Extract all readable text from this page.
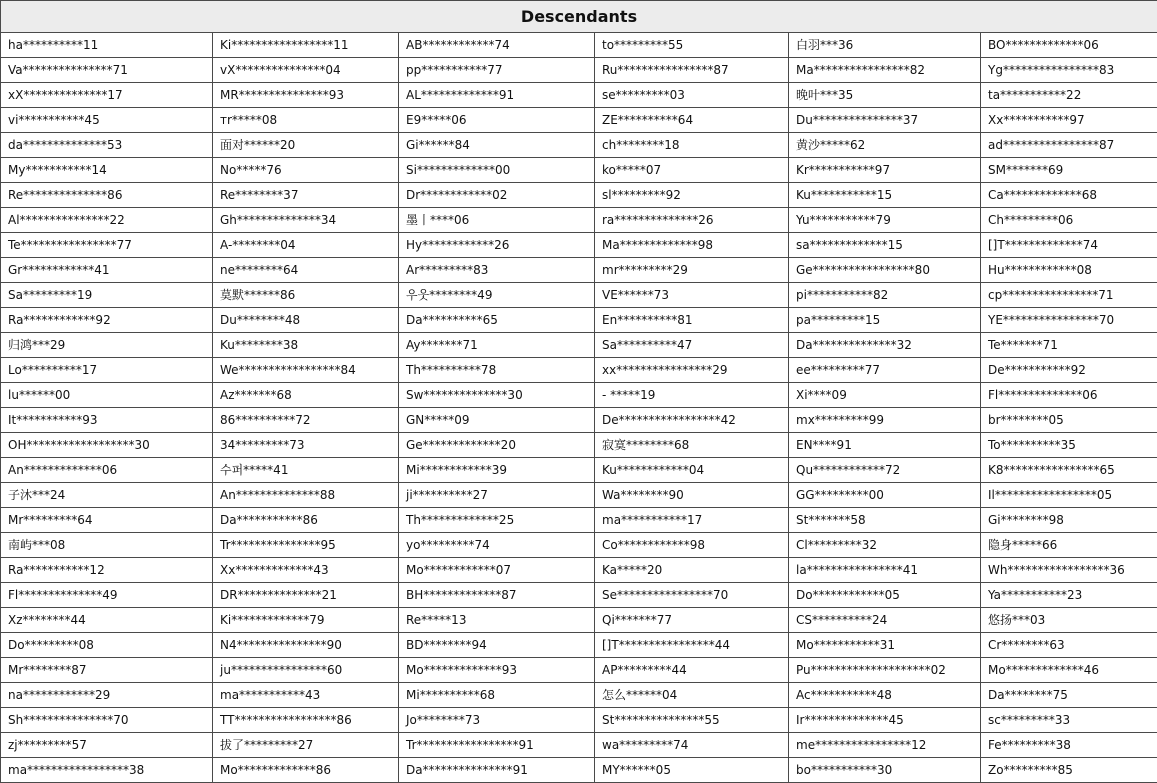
Descendants					
ha**********11	Ki*****************11	AB************74	to*********55	白羽***36	BO*************06
Va***************71	vX***************04	pp***********77	Ru****************87	Ma****************82	Yg****************83
xX**************17	MR***************93	AL*************91	se*********03	晚叶***35	ta***********22
vi***********45	тr*****08	E9*****06	ZE**********64	Du***************37	Xx***********97
da**************53	面对******20	Gi******84	ch********18	黄沙*****62	ad****************87
My***********14	No*****76	Si*************00	ko*****07	Kr***********97	SM*******69
Re**************86	Re********37	Dr************02	sl*********92	Ku***********15	Ca*************68
Al***************22	Gh**************34	墨丨****06	ra**************26	Yu***********79	Ch*********06
Te****************77	A-********04	Hy************26	Ma*************98	sa*************15	[]T*************74
Gr************41	ne********64	Ar*********83	mr*********29	Ge*****************80	Hu************08
Sa*********19	莫默******86	우웃********49	VE******73	pi***********82	cp****************71
Ra************92	Du********48	Da**********65	En**********81	pa*********15	YE****************70
归鸿***29	Ku********38	Ay*******71	Sa**********47	Da**************32	Te*******71
Lo**********17	We*****************84	Th**********78	xx****************29	ee*********77	De***********92
lu******00	Az*******68	Sw**************30	- *****19	Xi****09	Fl**************06
It***********93	86**********72	GN*****09	De*****************42	mx*********99	br********05
OH******************30	34*********73	Ge*************20	寂寞********68	EN****91	To**********35
An*************06	수퍼*****41	Mi************39	Ku************04	Qu************72	K8****************65
子沐***24	An**************88	ji**********27	Wa********90	GG*********00	Il*****************05
Mr*********64	Da***********86	Th*************25	ma***********17	St*******58	Gi********98
南屿***08	Tr***************95	yo*********74	Co************98	Cl*********32	隐身*****66
Ra***********12	Xx*************43	Mo************07	Ka*****20	la****************41	Wh*****************36
Fl**************49	DR**************21	BH*************87	Se****************70	Do************05	Ya***********23
Xz********44	Ki*************79	Re*****13	Qi*******77	CS**********24	悠扬***03
Do*********08	N4***************90	BD********94	[]T****************44	Mo***********31	Cr********63
Mr********87	ju****************60	Mo*************93	AP*********44	Pu********************02	Mo*************46
na************29	ma***********43	Mi**********68	怎么******04	Ac***********48	Da********75
Sh***************70	TT*****************86	Jo********73	St***************55	Ir**************45	sc*********33
zj*********57	拔了*********27	Tr*****************91	wa*********74	me****************12	Fe*********38
ma*****************38	Mo*************86	Da***************91	MY******05	bo***********30	Zo*********85
